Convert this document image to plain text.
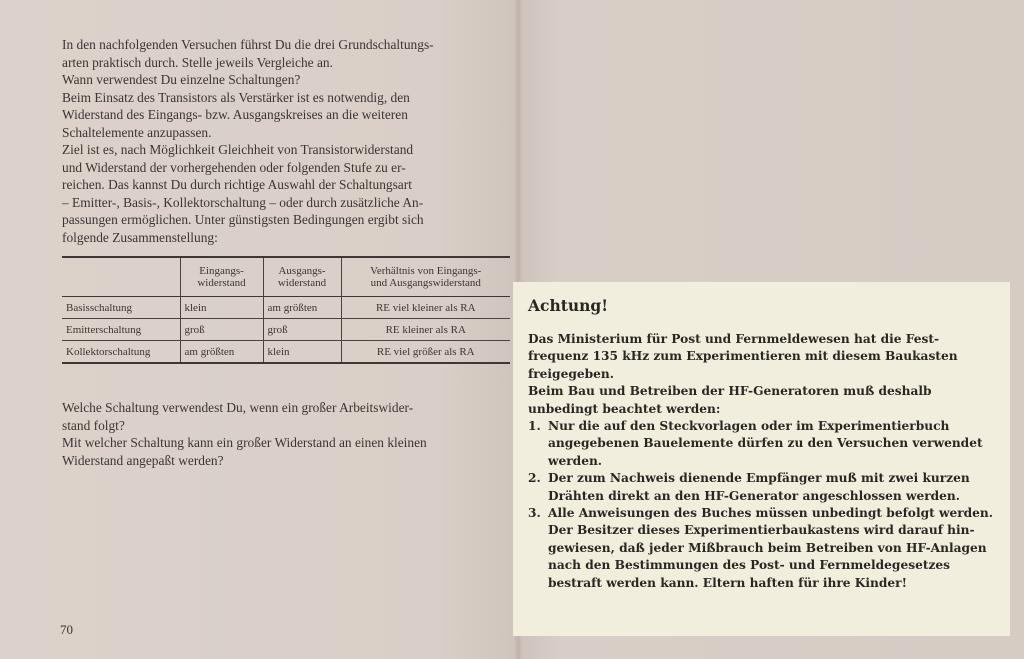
In den nachfolgenden Versuchen führst Du die drei Grundschaltungs-

arten praktisch durch. Stelle jeweils Vergleiche an.

Wann verwendest Du einzelne Schaltungen?

Beim Einsatz des Transistors als Verstärker ist es notwendig, den

Widerstand des Eingangs- bzw. Ausgangskreises an die weiteren

Schaltelemente anzupassen.

Ziel ist es, nach Möglichkeit Gleichheit von Transistorwiderstand

und Widerstand der vorhergehenden oder folgenden Stufe zu er-

reichen. Das kannst Du durch richtige Auswahl der Schaltungsart

– Emitter-, Basis-, Kollektorschaltung – oder durch zusätzliche An-

passungen ermöglichen. Unter günstigsten Bedingungen ergibt sich

folgende Zusammenstellung:

	Eingangs-
widerstand	Ausgangs-
widerstand	Verhältnis von Eingangs-
und Ausgangswiderstand
Basisschaltung	klein	am größten	RE viel kleiner als RA
Emitterschaltung	groß	groß	RE kleiner als RA
Kollektorschaltung	am größten	klein	RE viel größer als RA

Welche Schaltung verwendest Du, wenn ein großer Arbeitswider-

stand folgt?

Mit welcher Schaltung kann ein großer Widerstand an einen kleinen

Widerstand angepaßt werden?

70
Achtung!

Das Ministerium für Post und Fernmeldewesen hat die Fest-

frequenz 135 kHz zum Experimentieren mit diesem Baukasten

freigegeben.

Beim Bau und Betreiben der HF-Generatoren muß deshalb

unbedingt beachtet werden:

1. Nur die auf den Steckvorlagen oder im Experimentierbuch
angegebenen Bauelemente dürfen zu den Versuchen verwendet
werden.
2. Der zum Nachweis dienende Empfänger muß mit zwei kurzen
Drähten direkt an den HF-Generator angeschlossen werden.
3. Alle Anweisungen des Buches müssen unbedingt befolgt werden.
Der Besitzer dieses Experimentierbaukastens wird darauf hin-
gewiesen, daß jeder Mißbrauch beim Betreiben von HF-Anlagen
nach den Bestimmungen des Post- und Fernmeldegesetzes
bestraft werden kann. Eltern haften für ihre Kinder!
